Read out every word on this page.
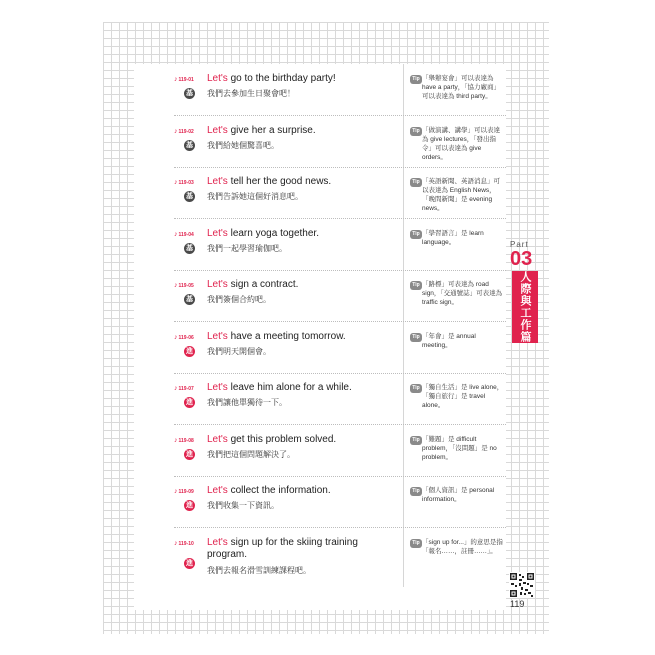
♪119-01 Let's go to the birthday party!
基 我們去參加生日聚會吧！
Tip 「舉辦宴會」可以表達為 have a party，「協力廠商」可以表達為 third party。
♪119-02 Let's give her a surprise.
基 我們給她個驚喜吧。
Tip 「做演講、講學」可以表達為 give lectures，「發出指令」可以表達為 give orders。
♪119-03 Let's tell her the good news.
基 我們告訴她這個好消息吧。
Tip 「英語新聞、英語消息」可以表達為 English News，「晚間新聞」是 evening news。
♪119-04 Let's learn yoga together.
基 我們一起學習瑜伽吧。
Tip 「學習語言」是 learn language。
♪119-05 Let's sign a contract.
基 我們簽個合約吧。
Tip 「路標」可表達為 road sign，「交通號誌」可表達為 traffic sign。
♪119-06 Let's have a meeting tomorrow.
進 我們明天開個會。
Tip 「年會」是 annual meeting。
♪119-07 Let's leave him alone for a while.
進 我們讓他單獨待一下。
Tip 「獨自生活」是 live alone，「獨自旅行」是 travel alone。
♪119-08 Let's get this problem solved.
進 我們把這個問題解決了。
Tip 「難題」是 difficult problem，「沒問題」是 no problem。
♪119-09 Let's collect the information.
進 我們收集一下資訊。
Tip 「個人資訊」是 personal information。
♪119-10 Let's sign up for the skiing training program.
進
我們去報名滑雪訓練課程吧。
Tip 「sign up for...」的意思是指「報名……，註冊……」。
Part
03
人際與工作篇
119
